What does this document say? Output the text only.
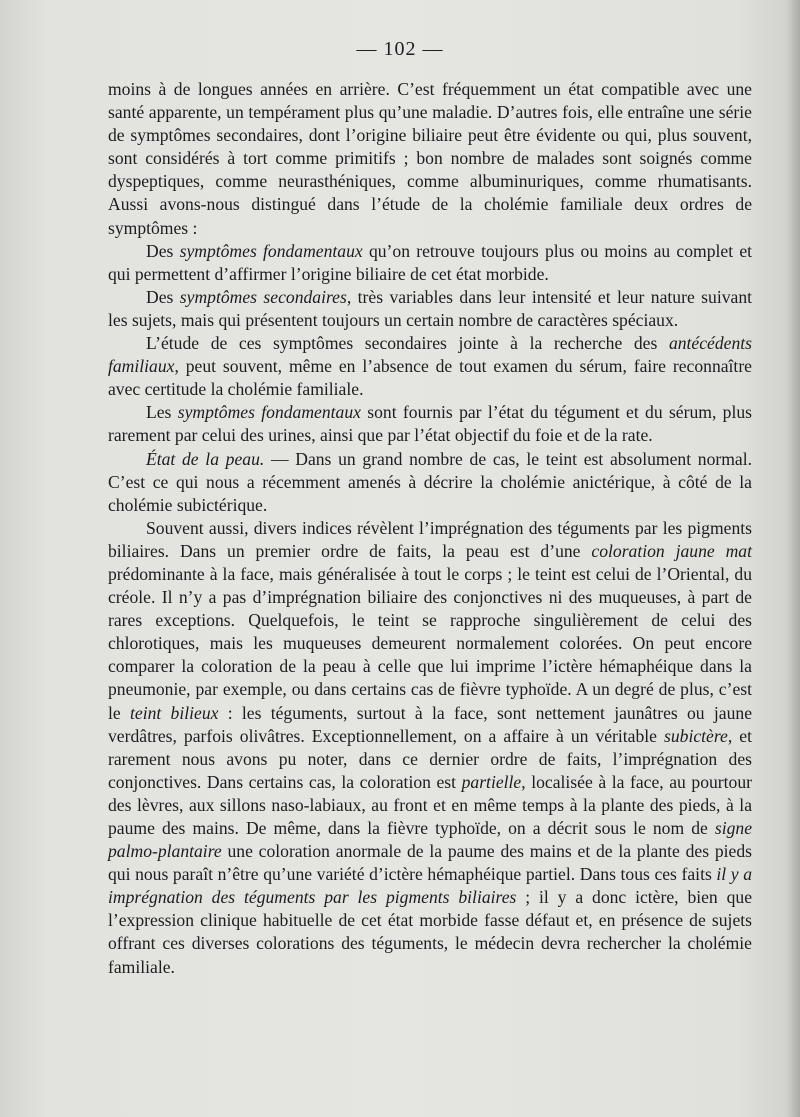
— 102 —

moins à de longues années en arrière. C’est fréquemment un état compatible avec une santé apparente, un tempérament plus qu’une maladie. D’autres fois, elle entraîne une série de symptômes secondaires, dont l’origine biliaire peut être évidente ou qui, plus souvent, sont considérés à tort comme primitifs ; bon nombre de malades sont soignés comme dyspeptiques, comme neurasthéniques, comme albuminuriques, comme rhumatisants. Aussi avons-nous distingué dans l’étude de la cholémie familiale deux ordres de symptômes :

Des symptômes fondamentaux qu’on retrouve toujours plus ou moins au complet et qui permettent d’affirmer l’origine biliaire de cet état morbide.

Des symptômes secondaires, très variables dans leur intensité et leur nature suivant les sujets, mais qui présentent toujours un certain nombre de caractères spéciaux.

L’étude de ces symptômes secondaires jointe à la recherche des antécédents familiaux, peut souvent, même en l’absence de tout examen du sérum, faire reconnaître avec certitude la cholémie familiale.

Les symptômes fondamentaux sont fournis par l’état du tégument et du sérum, plus rarement par celui des urines, ainsi que par l’état objectif du foie et de la rate.

État de la peau. — Dans un grand nombre de cas, le teint est absolument normal. C’est ce qui nous a récemment amenés à décrire la cholémie anictérique, à côté de la cholémie subictérique.

Souvent aussi, divers indices révèlent l’imprégnation des téguments par les pigments biliaires. Dans un premier ordre de faits, la peau est d’une coloration jaune mat prédominante à la face, mais généralisée à tout le corps ; le teint est celui de l’Oriental, du créole. Il n’y a pas d’imprégnation biliaire des conjonctives ni des muqueuses, à part de rares exceptions. Quelquefois, le teint se rapproche singulièrement de celui des chlorotiques, mais les muqueuses demeurent normalement colorées. On peut encore comparer la coloration de la peau à celle que lui imprime l’ictère hémaphéique dans la pneumonie, par exemple, ou dans certains cas de fièvre typhoïde. A un degré de plus, c’est le teint bilieux : les téguments, surtout à la face, sont nettement jaunâtres ou jaune verdâtres, parfois olivâtres. Exceptionnellement, on a affaire à un véritable subictère, et rarement nous avons pu noter, dans ce dernier ordre de faits, l’imprégnation des conjonctives. Dans certains cas, la coloration est partielle, localisée à la face, au pourtour des lèvres, aux sillons naso-labiaux, au front et en même temps à la plante des pieds, à la paume des mains. De même, dans la fièvre typhoïde, on a décrit sous le nom de signe palmo-plantaire une coloration anormale de la paume des mains et de la plante des pieds qui nous paraît n’être qu’une variété d’ictère hémaphéique partiel. Dans tous ces faits il y a imprégnation des téguments par les pigments biliaires ; il y a donc ictère, bien que l’expression clinique habituelle de cet état morbide fasse défaut et, en présence de sujets offrant ces diverses colorations des téguments, le médecin devra rechercher la cholémie familiale.
